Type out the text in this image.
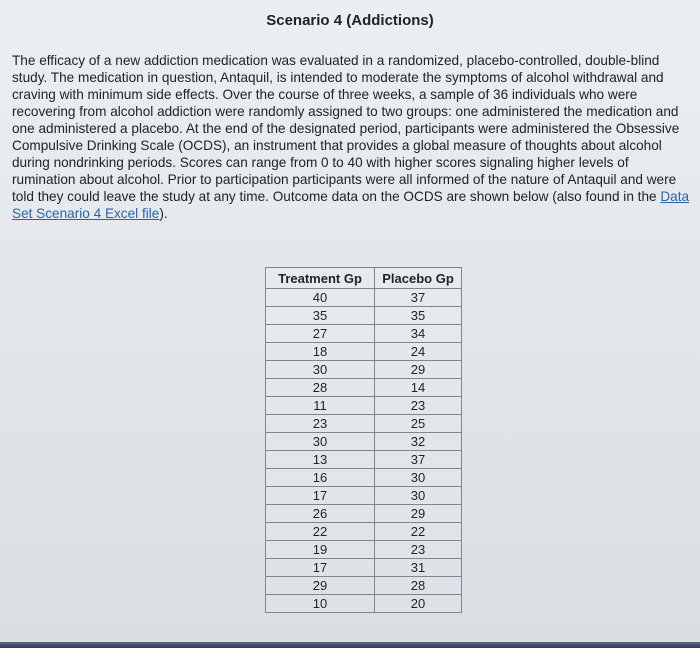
Scenario 4 (Addictions)

The efficacy of a new addiction medication was evaluated in a randomized, placebo-controlled, double-blind study. The medication in question, Antaquil, is intended to moderate the symptoms of alcohol withdrawal and craving with minimum side effects. Over the course of three weeks, a sample of 36 individuals who were recovering from alcohol addiction were randomly assigned to two groups: one administered the medication and one administered a placebo. At the end of the designated period, participants were administered the Obsessive Compulsive Drinking Scale (OCDS), an instrument that provides a global measure of thoughts about alcohol during nondrinking periods. Scores can range from 0 to 40 with higher scores signaling higher levels of rumination about alcohol. Prior to participation participants were all informed of the nature of Antaquil and were told they could leave the study at any time. Outcome data on the OCDS are shown below (also found in the Data Set Scenario 4 Excel file).

Treatment Gp	Placebo Gp
40	37
35	35
27	34
18	24
30	29
28	14
11	23
23	25
30	32
13	37
16	30
17	30
26	29
22	22
19	23
17	31
29	28
10	20
